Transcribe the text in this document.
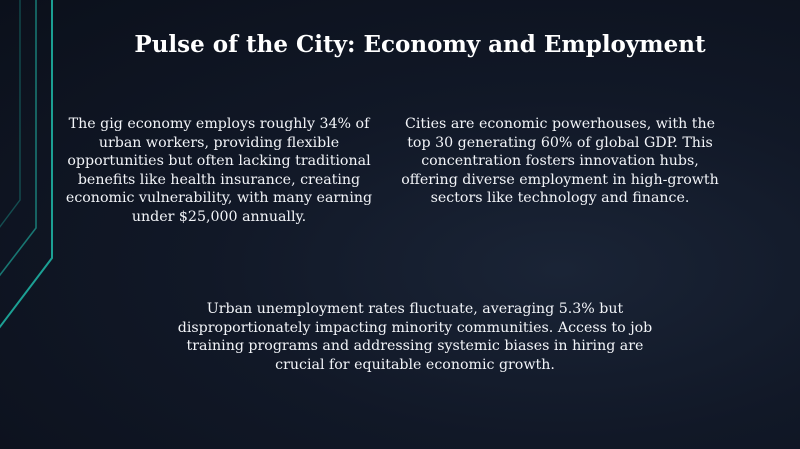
Pulse of the City: Economy and Employment
The gig economy employs roughly 34% of urban workers, providing flexible opportunities but often lacking traditional benefits like health insurance, creating economic vulnerability, with many earning under $25,000 annually.
Cities are economic powerhouses, with the top 30 generating 60% of global GDP. This concentration fosters innovation hubs, offering diverse employment in high-growth sectors like technology and finance.
Urban unemployment rates fluctuate, averaging 5.3% but disproportionately impacting minority communities. Access to job training programs and addressing systemic biases in hiring are crucial for equitable economic growth.
